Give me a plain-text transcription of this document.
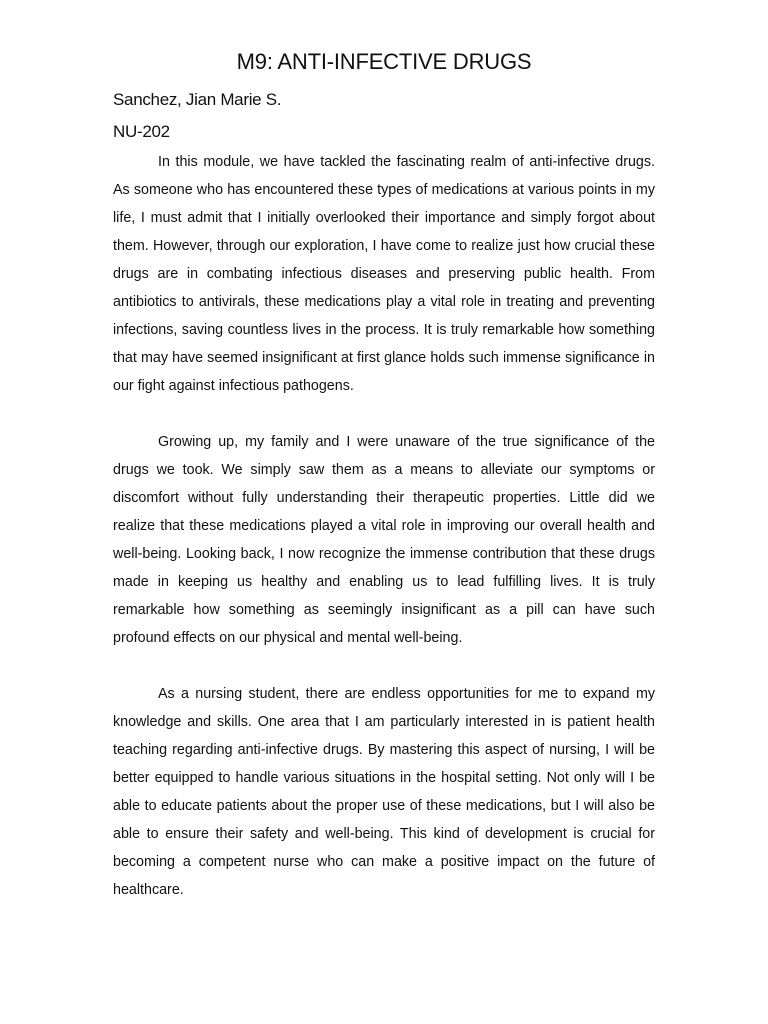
M9: ANTI-INFECTIVE DRUGS

Sanchez, Jian Marie S.

NU-202

In this module, we have tackled the fascinating realm of anti-infective drugs. As someone who has encountered these types of medications at various points in my life, I must admit that I initially overlooked their importance and simply forgot about them. However, through our exploration, I have come to realize just how crucial these drugs are in combating infectious diseases and preserving public health. From antibiotics to antivirals, these medications play a vital role in treating and preventing infections, saving countless lives in the process. It is truly remarkable how something that may have seemed insignificant at first glance holds such immense significance in our fight against infectious pathogens.

Growing up, my family and I were unaware of the true significance of the drugs we took. We simply saw them as a means to alleviate our symptoms or discomfort without fully understanding their therapeutic properties. Little did we realize that these medications played a vital role in improving our overall health and well-being. Looking back, I now recognize the immense contribution that these drugs made in keeping us healthy and enabling us to lead fulfilling lives. It is truly remarkable how something as seemingly insignificant as a pill can have such profound effects on our physical and mental well-being.

As a nursing student, there are endless opportunities for me to expand my knowledge and skills. One area that I am particularly interested in is patient health teaching regarding anti-infective drugs. By mastering this aspect of nursing, I will be better equipped to handle various situations in the hospital setting. Not only will I be able to educate patients about the proper use of these medications, but I will also be able to ensure their safety and well-being. This kind of development is crucial for becoming a competent nurse who can make a positive impact on the future of healthcare.
